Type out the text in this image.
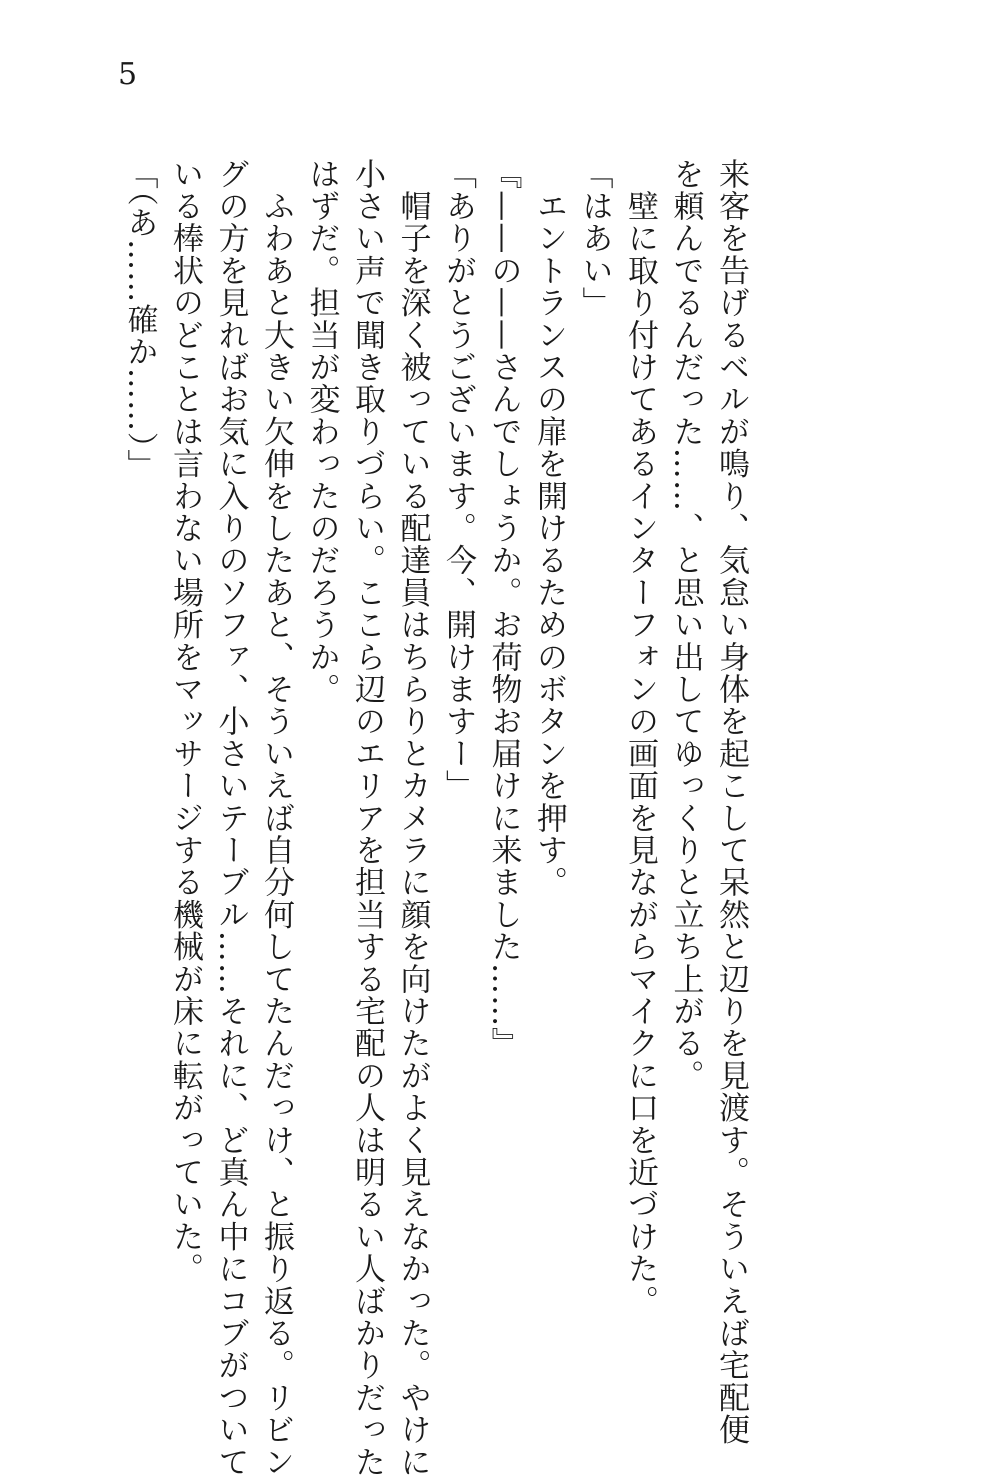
5
来客を告げるベルが鳴り、気怠い身体を起こして呆然と辺りを見渡す。そういえば宅配便
を頼んでるんだった……、と思い出してゆっくりと立ち上がる。
　壁に取り付けてあるインターフォンの画面を見ながらマイクに口を近づけた。
「はあい」
　エントランスの扉を開けるためのボタンを押す。
『——の——さんでしょうか。お荷物お届けに来ました……』
「ありがとうございます。今、開けますー」
　帽子を深く被っている配達員はちらりとカメラに顔を向けたがよく見えなかった。やけに
小さい声で聞き取りづらい。ここら辺のエリアを担当する宅配の人は明るい人ばかりだった
はずだ。担当が変わったのだろうか。
　ふわあと大きい欠伸をしたあと、そういえば自分何してたんだっけ、と振り返る。リビン
グの方を見ればお気に入りのソファ、小さいテーブル……それに、ど真ん中にコブがついて
いる棒状のどことは言わない場所をマッサージする機械が床に転がっていた。
「（あ……確か……）」
